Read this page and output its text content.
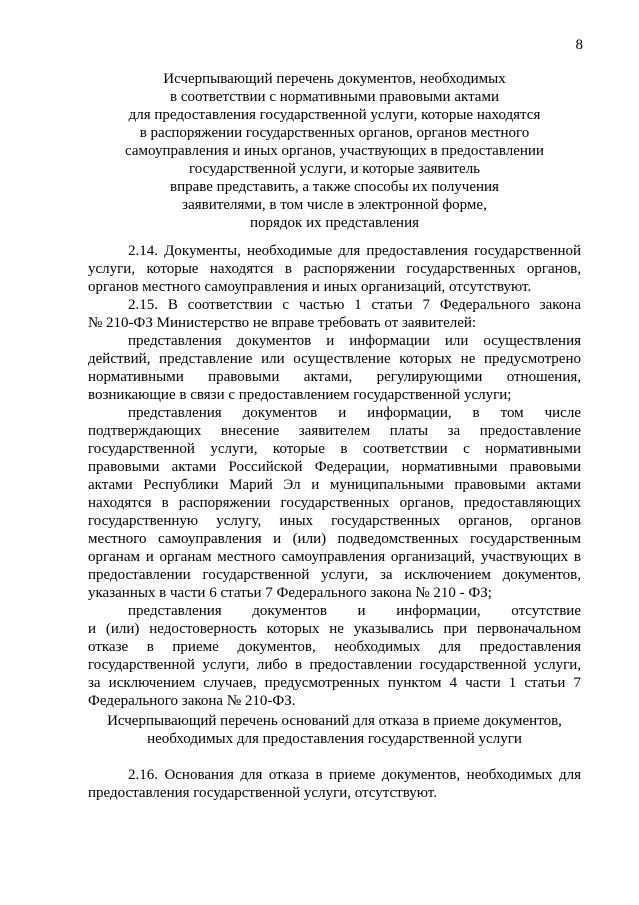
8
Исчерпывающий перечень документов, необходимых
в соответствии с нормативными правовыми актами
для предоставления государственной услуги, которые находятся
в распоряжении государственных органов, органов местного
самоуправления и иных органов, участвующих в предоставлении
государственной услуги, и которые заявитель
вправе представить, а также способы их получения
заявителями, в том числе в электронной форме,
порядок их представления
2.14. Документы, необходимые для предоставления государственной
услуги, которые находятся в распоряжении государственных органов,
органов местного самоуправления и иных организаций, отсутствуют.
2.15. В соответствии с частью 1 статьи 7 Федерального закона
№ 210-ФЗ Министерство не вправе требовать от заявителей:
представления документов и информации или осуществления
действий, представление или осуществление которых не предусмотрено
нормативными правовыми актами, регулирующими отношения,
возникающие в связи с предоставлением государственной услуги;
представления документов и информации, в том числе
подтверждающих внесение заявителем платы за предоставление
государственной услуги, которые в соответствии с нормативными
правовыми актами Российской Федерации, нормативными правовыми
актами Республики Марий Эл и муниципальными правовыми актами
находятся в распоряжении государственных органов, предоставляющих
государственную услугу, иных государственных органов, органов
местного самоуправления и (или) подведомственных государственным
органам и органам местного самоуправления организаций, участвующих в
предоставлении государственной услуги, за исключением документов,
указанных в части 6 статьи 7 Федерального закона № 210 - ФЗ;
представления документов и информации, отсутствие
и (или) недостоверность которых не указывались при первоначальном
отказе в приеме документов, необходимых для предоставления
государственной услуги, либо в предоставлении государственной услуги,
за исключением случаев, предусмотренных пунктом 4 части 1 статьи 7
Федерального закона № 210-ФЗ.
Исчерпывающий перечень оснований для отказа в приеме документов,
необходимых для предоставления государственной услуги
2.16. Основания для отказа в приеме документов, необходимых для
предоставления государственной услуги, отсутствуют.
